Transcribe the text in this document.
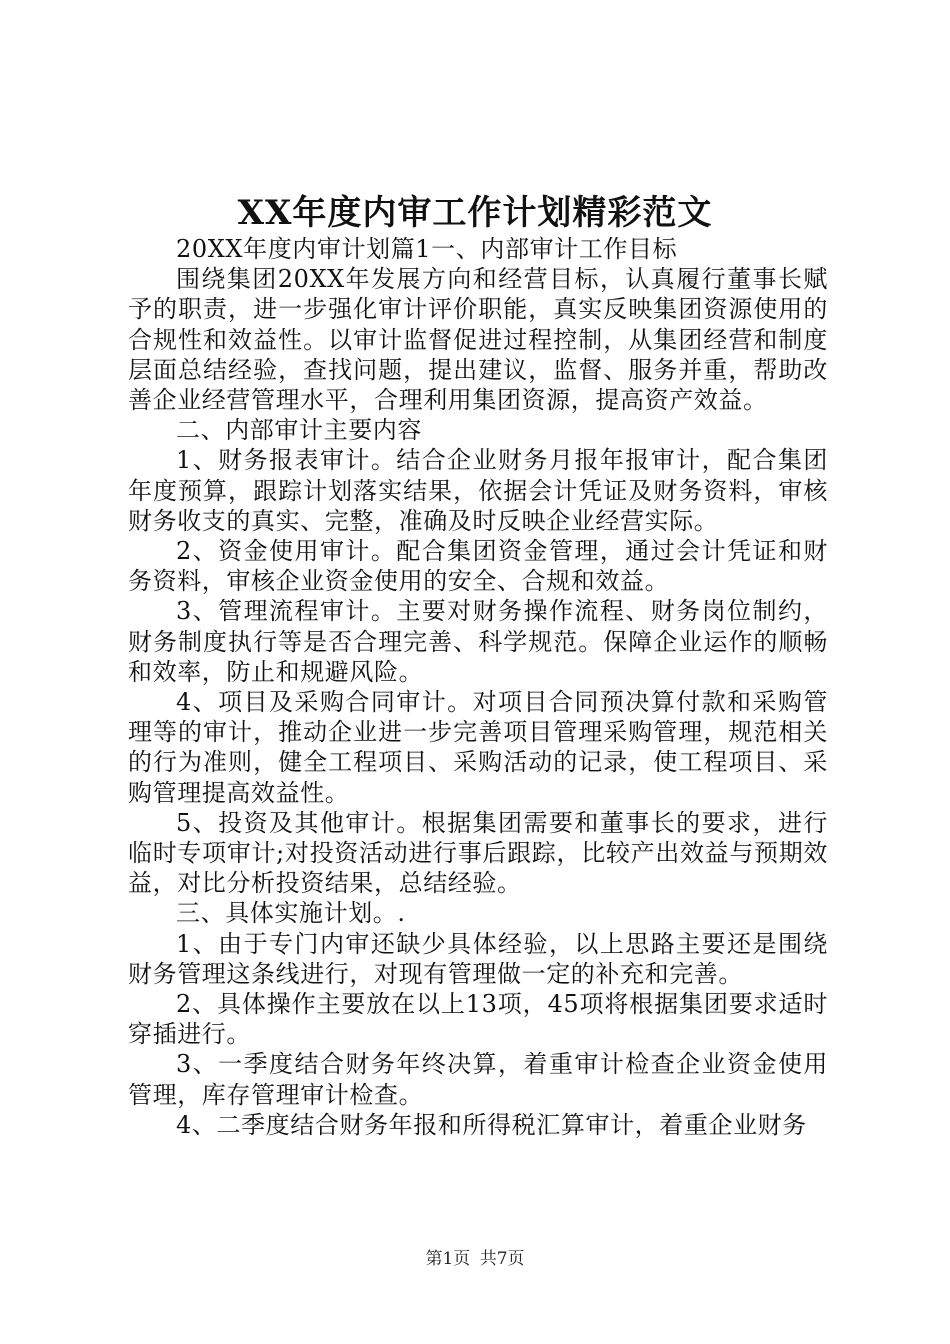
XX年度内审工作计划精彩范文

20XX年度内审计划篇1一、内部审计工作目标

围绕集团20XX年发展方向和经营目标，认真履行董事长赋予的职责，进一步强化审计评价职能，真实反映集团资源使用的合规性和效益性。以审计监督促进过程控制，从集团经营和制度层面总结经验，查找问题，提出建议，监督、服务并重，帮助改善企业经营管理水平，合理利用集团资源，提高资产效益。

二、内部审计主要内容

1、财务报表审计。结合企业财务月报年报审计，配合集团年度预算，跟踪计划落实结果，依据会计凭证及财务资料，审核财务收支的真实、完整，准确及时反映企业经营实际。

2、资金使用审计。配合集团资金管理，通过会计凭证和财务资料，审核企业资金使用的安全、合规和效益。

3、管理流程审计。主要对财务操作流程、财务岗位制约，财务制度执行等是否合理完善、科学规范。保障企业运作的顺畅和效率，防止和规避风险。

4、项目及采购合同审计。对项目合同预决算付款和采购管理等的审计，推动企业进一步完善项目管理采购管理，规范相关的行为准则，健全工程项目、采购活动的记录，使工程项目、采购管理提高效益性。

5、投资及其他审计。根据集团需要和董事长的要求，进行临时专项审计;对投资活动进行事后跟踪，比较产出效益与预期效益，对比分析投资结果，总结经验。

三、具体实施计划。.

1、由于专门内审还缺少具体经验，以上思路主要还是围绕财务管理这条线进行，对现有管理做一定的补充和完善。

2、具体操作主要放在以上13项，45项将根据集团要求适时穿插进行。

3、一季度结合财务年终决算，着重审计检查企业资金使用管理，库存管理审计检查。

4、二季度结合财务年报和所得税汇算审计，着重企业财务

第1页 共7页
